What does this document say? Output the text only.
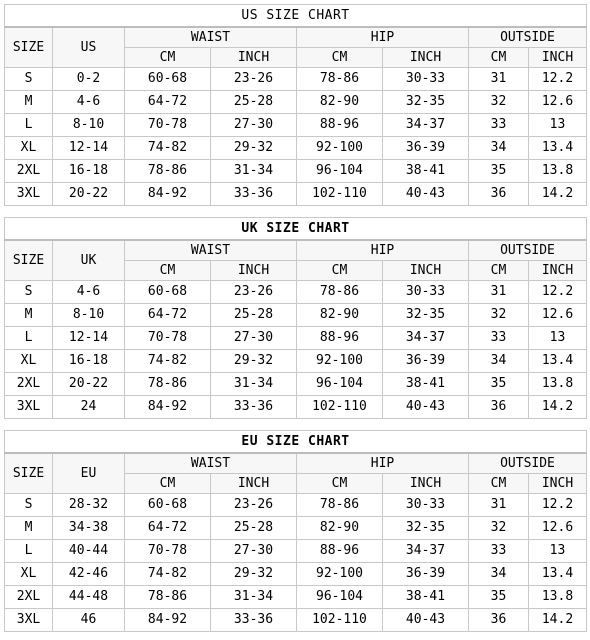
US SIZE CHART							
SIZE	US	WAIST		HIP		OUTSIDE	
		CM	INCH	CM	INCH	CM	INCH
S	0-2	60-68	23-26	78-86	30-33	31	12.2
M	4-6	64-72	25-28	82-90	32-35	32	12.6
L	8-10	70-78	27-30	88-96	34-37	33	13
XL	12-14	74-82	29-32	92-100	36-39	34	13.4
2XL	16-18	78-86	31-34	96-104	38-41	35	13.8
3XL	20-22	84-92	33-36	102-110	40-43	36	14.2
UK SIZE CHART							
SIZE	UK	WAIST		HIP		OUTSIDE	
		CM	INCH	CM	INCH	CM	INCH
S	4-6	60-68	23-26	78-86	30-33	31	12.2
M	8-10	64-72	25-28	82-90	32-35	32	12.6
L	12-14	70-78	27-30	88-96	34-37	33	13
XL	16-18	74-82	29-32	92-100	36-39	34	13.4
2XL	20-22	78-86	31-34	96-104	38-41	35	13.8
3XL	24	84-92	33-36	102-110	40-43	36	14.2
EU SIZE CHART							
SIZE	EU	WAIST		HIP		OUTSIDE	
		CM	INCH	CM	INCH	CM	INCH
S	28-32	60-68	23-26	78-86	30-33	31	12.2
M	34-38	64-72	25-28	82-90	32-35	32	12.6
L	40-44	70-78	27-30	88-96	34-37	33	13
XL	42-46	74-82	29-32	92-100	36-39	34	13.4
2XL	44-48	78-86	31-34	96-104	38-41	35	13.8
3XL	46	84-92	33-36	102-110	40-43	36	14.2
